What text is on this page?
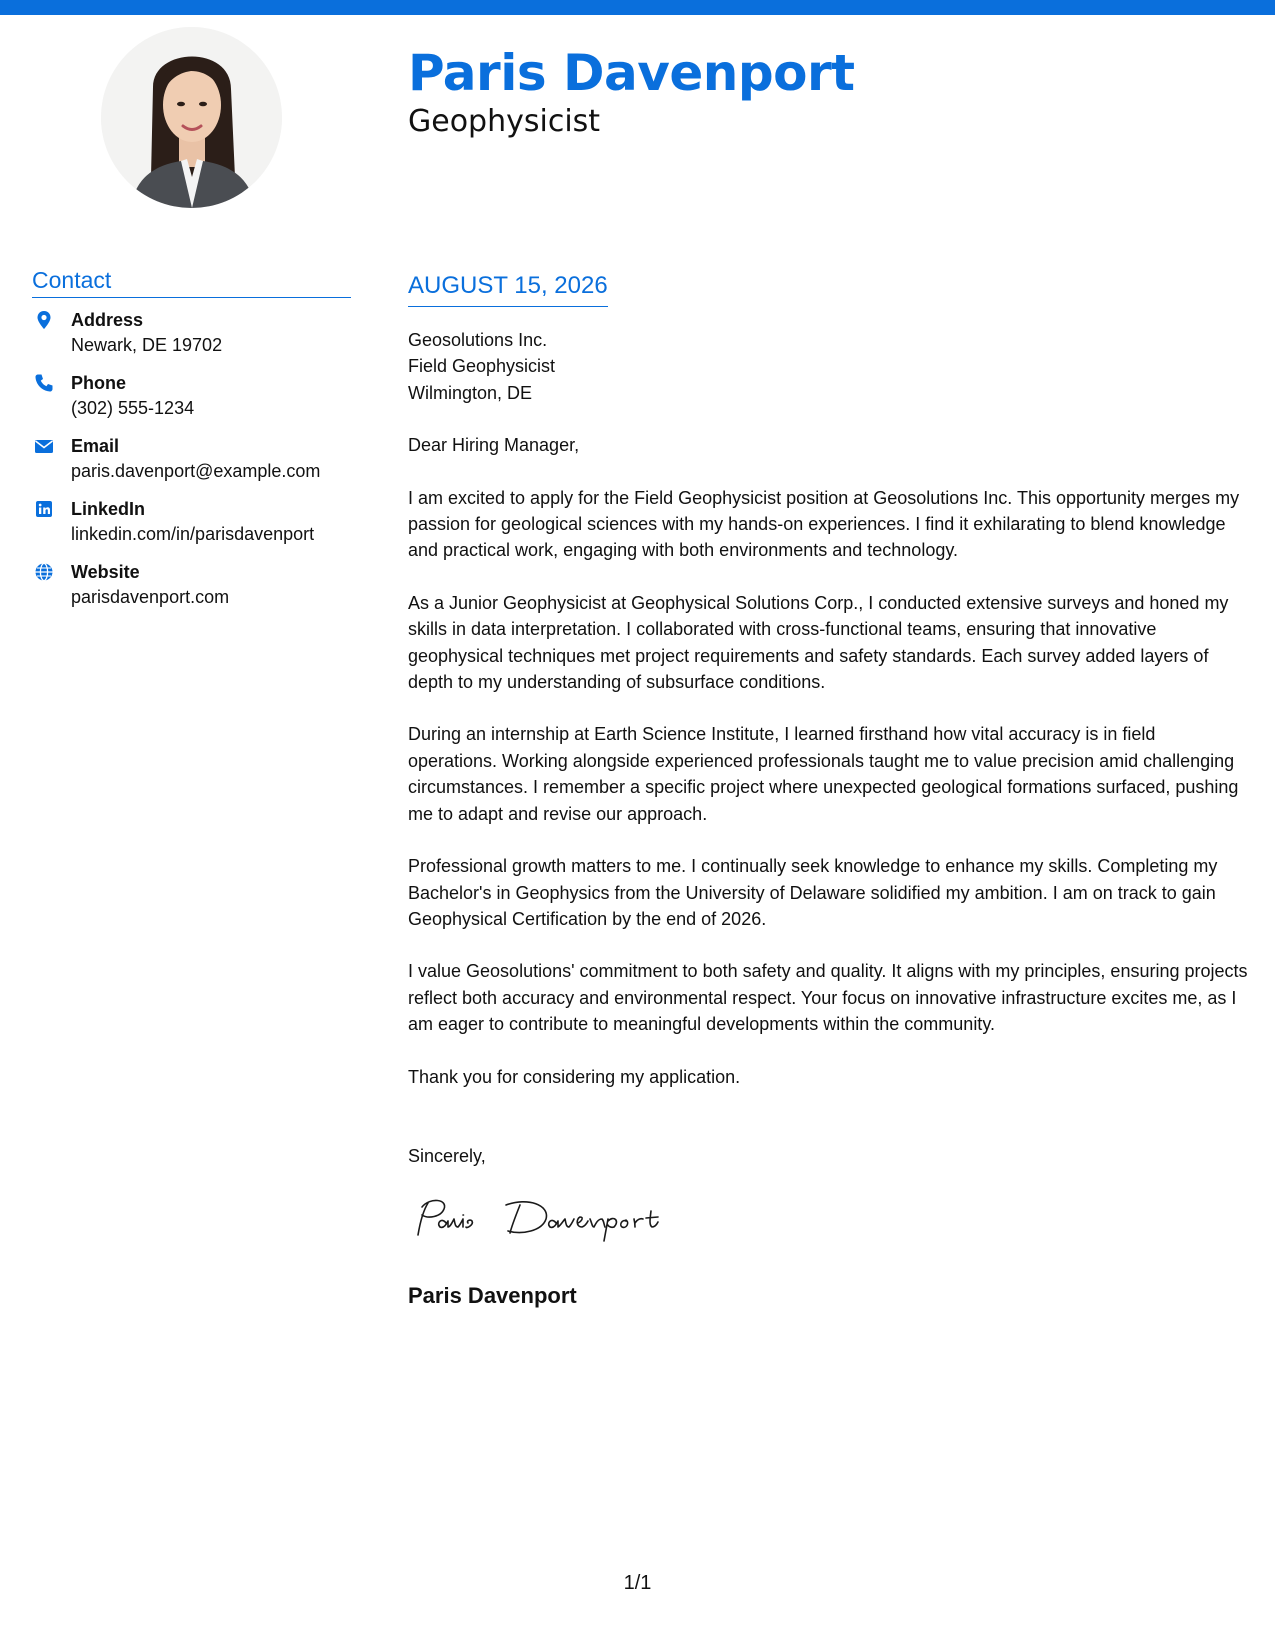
Paris Davenport
Geophysicist
Contact
Address
Newark, DE 19702
Phone
(302) 555-1234
Email
paris.davenport@example.com
LinkedIn
linkedin.com/in/parisdavenport
Website
parisdavenport.com
AUGUST 15, 2026
Geosolutions Inc.
Field Geophysicist
Wilmington, DE
Dear Hiring Manager,

I am excited to apply for the Field Geophysicist position at Geosolutions Inc. This opportunity merges my passion for geological sciences with my hands-on experiences. I find it exhilarating to blend knowledge and practical work, engaging with both environments and technology.

As a Junior Geophysicist at Geophysical Solutions Corp., I conducted extensive surveys and honed my skills in data interpretation. I collaborated with cross-functional teams, ensuring that innovative geophysical techniques met project requirements and safety standards. Each survey added layers of depth to my understanding of subsurface conditions.

During an internship at Earth Science Institute, I learned firsthand how vital accuracy is in field operations. Working alongside experienced professionals taught me to value precision amid challenging circumstances. I remember a specific project where unexpected geological formations surfaced, pushing me to adapt and revise our approach.

Professional growth matters to me. I continually seek knowledge to enhance my skills. Completing my Bachelor's in Geophysics from the University of Delaware solidified my ambition. I am on track to gain Geophysical Certification by the end of 2026.

I value Geosolutions' commitment to both safety and quality. It aligns with my principles, ensuring projects reflect both accuracy and environmental respect. Your focus on innovative infrastructure excites me, as I am eager to contribute to meaningful developments within the community.

Thank you for considering my application.

Sincerely,
Paris Davenport
1/1
